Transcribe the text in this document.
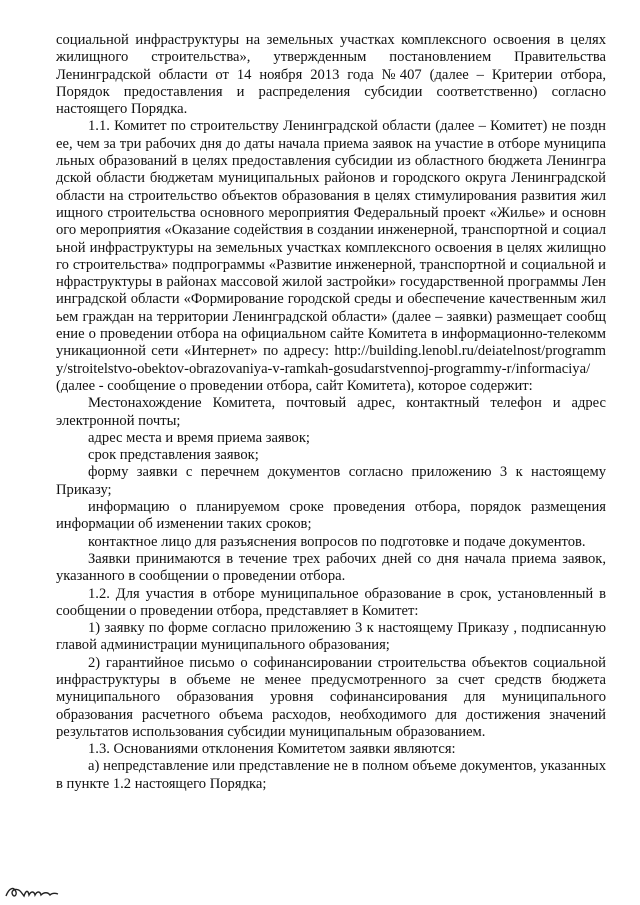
социальной инфраструктуры на земельных участках комплексного освоения в целях жилищного строительства», утвержденным постановлением Правительства Ленинградской области от 14 ноября 2013 года №407 (далее – Критерии отбора, Порядок предоставления и распределения субсидии соответственно) согласно настоящего Порядка.

1.1. Комитет по строительству Ленинградской области (далее – Комитет) не позднее, чем за три рабочих дня до даты начала приема заявок на участие в отборе муниципальных образований в целях предоставления субсидии из областного бюджета Ленинградской области бюджетам муниципальных районов и городского округа Ленинградской области на строительство объектов образования в целях стимулирования развития жилищного строительства основного мероприятия Федеральный проект «Жилье» и основного мероприятия «Оказание содействия в создании инженерной, транспортной и социальной инфраструктуры на земельных участках комплексного освоения в целях жилищного строительства» подпрограммы «Развитие инженерной, транспортной и социальной инфраструктуры в районах массовой жилой застройки» государственной программы Ленинградской области «Формирование городской среды и обеспечение качественным жильем граждан на территории Ленинградской области» (далее – заявки) размещает сообщение о проведении отбора на официальном сайте Комитета в информационно-телекоммуникационной сети «Интернет» по адресу: http://building.lenobl.ru/deiatelnost/programmy/stroitelstvo-obektov-obrazovaniya-v-ramkah-gosudarstvennoj-programmy-r/informaciya/ (далее - сообщение о проведении отбора, сайт Комитета), которое содержит:

Местонахождение Комитета, почтовый адрес, контактный телефон и адрес электронной почты;

адрес места и время приема заявок;

срок представления заявок;

форму заявки с перечнем документов согласно приложению 3 к настоящему Приказу;

информацию о планируемом сроке проведения отбора, порядок размещения информации об изменении таких сроков;

контактное лицо для разъяснения вопросов по подготовке и подаче документов.

Заявки принимаются в течение трех рабочих дней со дня начала приема заявок, указанного в сообщении о проведении отбора.

1.2. Для участия в отборе муниципальное образование в срок, установленный в сообщении о проведении отбора, представляет в Комитет:

1) заявку по форме согласно приложению 3 к настоящему Приказу , подписанную главой администрации муниципального образования;

2) гарантийное письмо о софинансировании строительства объектов социальной инфраструктуры в объеме не менее предусмотренного за счет средств бюджета муниципального образования уровня софинансирования для муниципального образования расчетного объема расходов, необходимого для достижения значений результатов использования субсидии муниципальным образованием.

1.3. Основаниями отклонения Комитетом заявки являются:

а) непредставление или представление не в полном объеме документов, указанных в пункте 1.2 настоящего Порядка;
